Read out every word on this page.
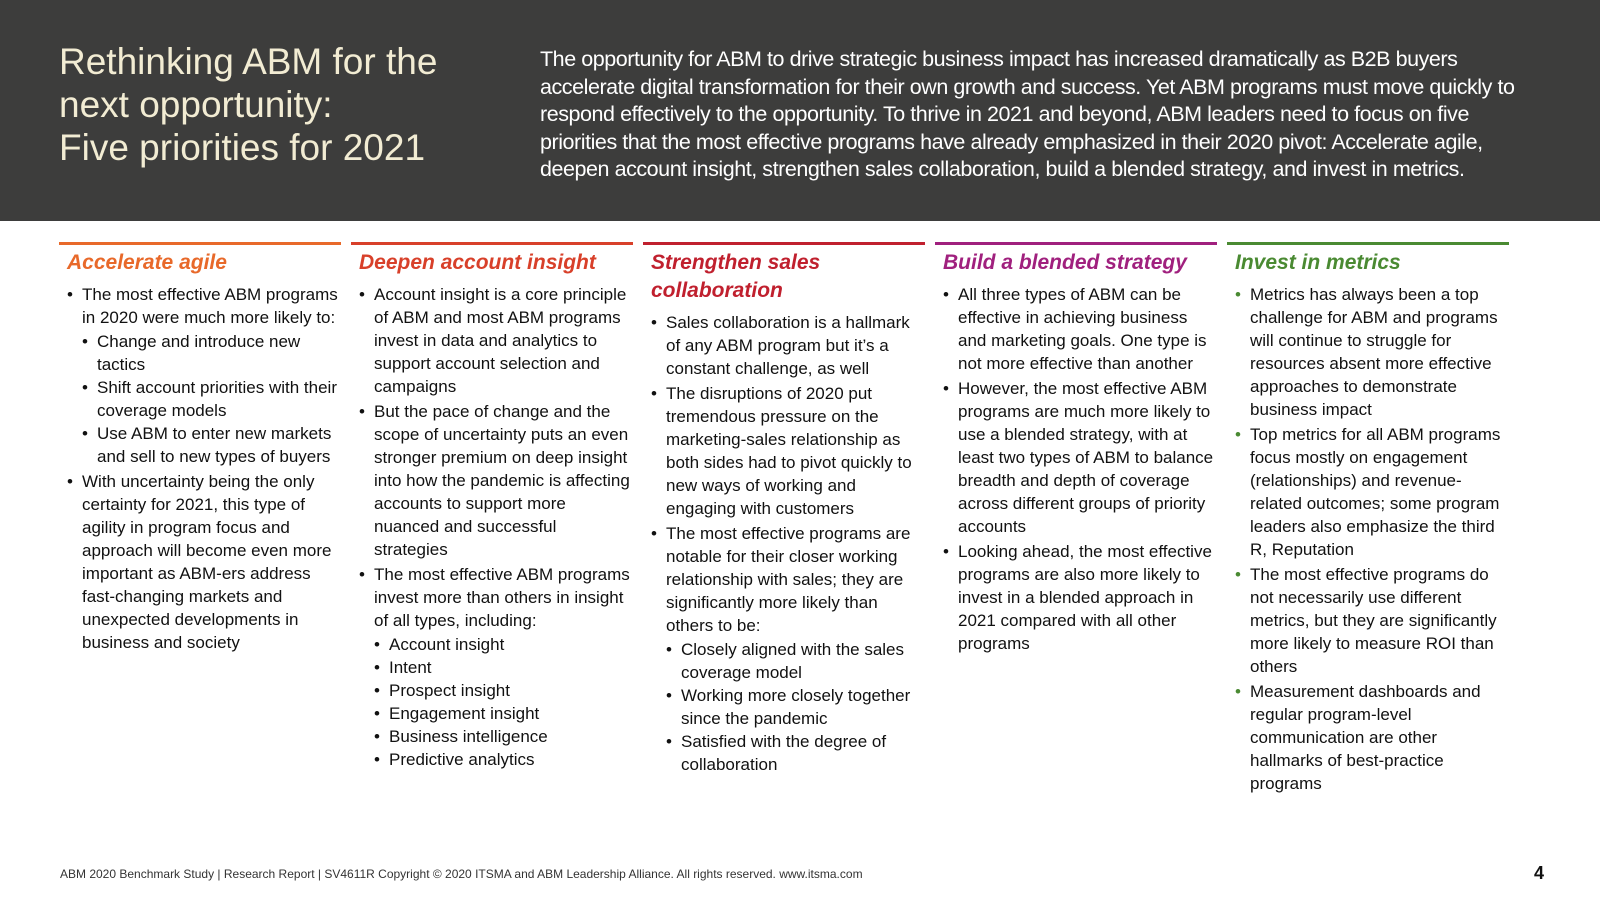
Rethinking ABM for the
next opportunity:
Five priorities for 2021

The opportunity for ABM to drive strategic business impact has increased dramatically as B2B buyers accelerate digital transformation for their own growth and success. Yet ABM programs must move quickly to respond effectively to the opportunity. To thrive in 2021 and beyond, ABM leaders need to focus on five priorities that the most effective programs have already emphasized in their 2020 pivot: Accelerate agile, deepen account insight, strengthen sales collaboration, build a blended strategy, and invest in metrics.

Accelerate agile
• The most effective ABM programs in 2020 were much more likely to:
• Change and introduce new tactics
• Shift account priorities with their coverage models
• Use ABM to enter new markets and sell to new types of buyers
• With uncertainty being the only certainty for 2021, this type of agility in program focus and approach will become even more important as ABM-ers address fast-changing markets and unexpected developments in business and society
Deepen account insight
• Account insight is a core principle of ABM and most ABM programs invest in data and analytics to support account selection and campaigns
• But the pace of change and the scope of uncertainty puts an even stronger premium on deep insight into how the pandemic is affecting accounts to support more nuanced and successful strategies
• The most effective ABM programs invest more than others in insight of all types, including:
• Account insight
• Intent
• Prospect insight
• Engagement insight
• Business intelligence
• Predictive analytics
Strengthen sales collaboration
• Sales collaboration is a hallmark of any ABM program but it’s a constant challenge, as well
• The disruptions of 2020 put tremendous pressure on the marketing-sales relationship as both sides had to pivot quickly to new ways of working and engaging with customers
• The most effective programs are notable for their closer working relationship with sales; they are significantly more likely than others to be:
• Closely aligned with the sales coverage model
• Working more closely together since the pandemic
• Satisfied with the degree of collaboration
Build a blended strategy
• All three types of ABM can be effective in achieving business and marketing goals. One type is not more effective than another
• However, the most effective ABM programs are much more likely to use a blended strategy, with at least two types of ABM to balance breadth and depth of coverage across different groups of priority accounts
• Looking ahead, the most effective programs are also more likely to invest in a blended approach in 2021 compared with all other programs
Invest in metrics
• Metrics has always been a top challenge for ABM and programs will continue to struggle for resources absent more effective approaches to demonstrate business impact
• Top metrics for all ABM programs focus mostly on engagement (relationships) and revenue-related outcomes; some program leaders also emphasize the third R, Reputation
• The most effective programs do not necessarily use different metrics, but they are significantly more likely to measure ROI than others
• Measurement dashboards and regular program-level communication are other hallmarks of best-practice programs
ABM 2020 Benchmark Study | Research Report | SV4611R Copyright © 2020 ITSMA and ABM Leadership Alliance. All rights reserved. www.itsma.com	4
